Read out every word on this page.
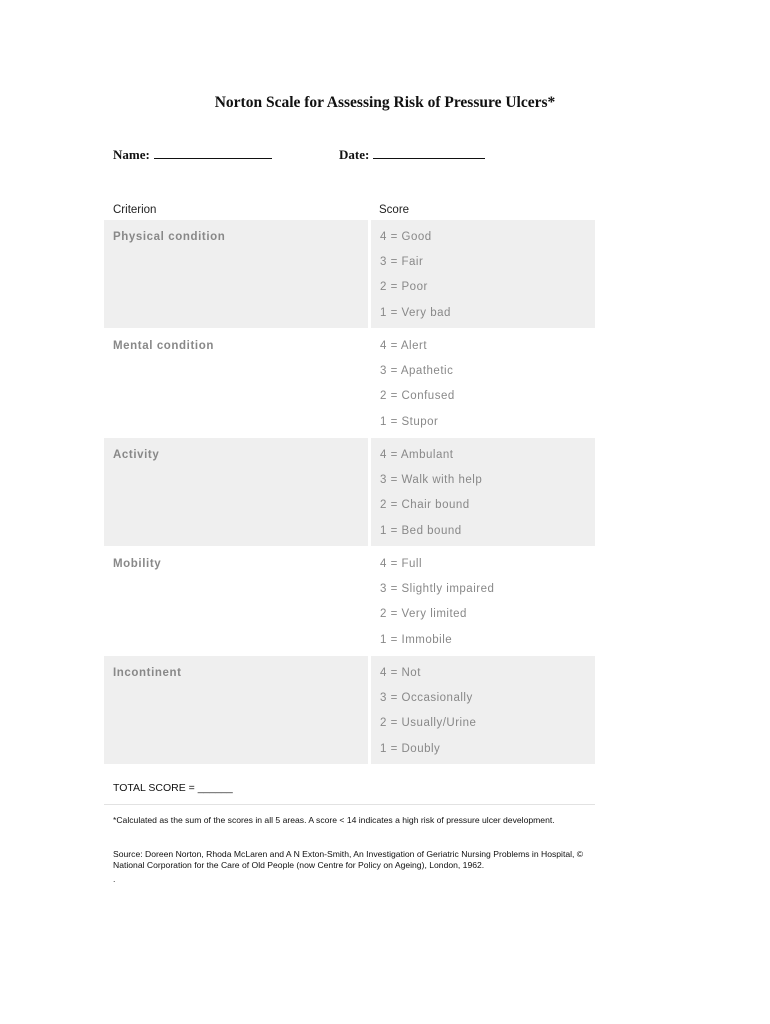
Norton Scale for Assessing Risk of Pressure Ulcers*
Name:	Date:
Criterion	Score
Physical condition	4 = Good
3 = Fair
2 = Poor
1 = Very bad
Mental condition	4 = Alert
3 = Apathetic
2 = Confused
1 = Stupor
Activity	4 = Ambulant
3 = Walk with help
2 = Chair bound
1 = Bed bound
Mobility	4 = Full
3 = Slightly impaired
2 = Very limited
1 = Immobile
Incontinent	4 = Not
3 = Occasionally
2 = Usually/Urine
1 = Doubly
TOTAL SCORE = ______
*Calculated as the sum of the scores in all 5 areas. A score < 14 indicates a high risk of pressure ulcer development.
Source: Doreen Norton, Rhoda McLaren and A N Exton-Smith, An Investigation of Geriatric Nursing Problems in Hospital, © National Corporation for the Care of Old People (now Centre for Policy on Ageing), London, 1962.
.
